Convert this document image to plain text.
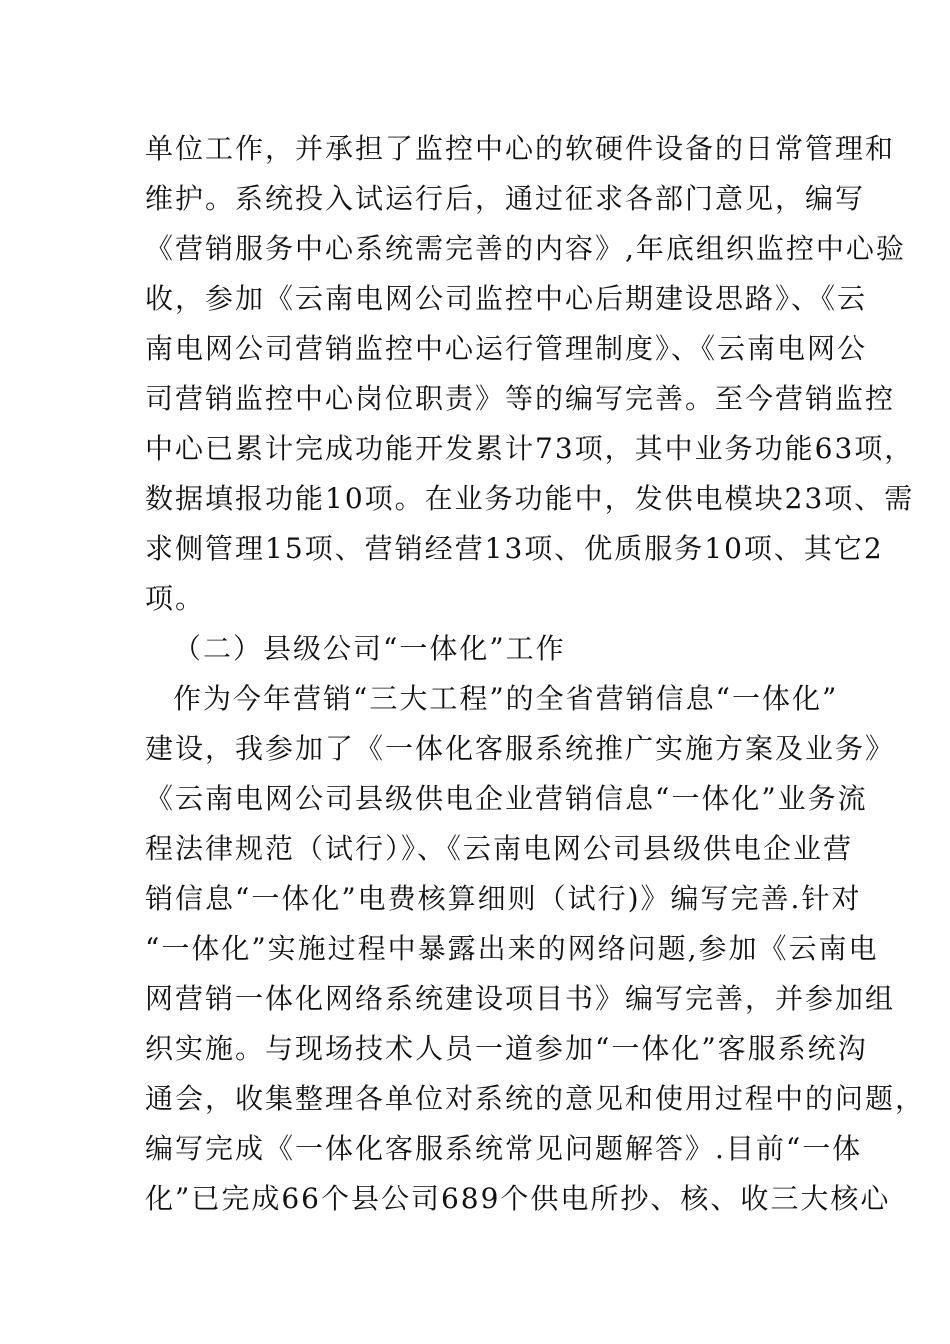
单位工作，并承担了监控中心的软硬件设备的日常管理和
维护。系统投入试运行后，通过征求各部门意见，编写
《营销服务中心系统需完善的内容》,年底组织监控中心验
收，参加《云南电网公司监控中心后期建设思路》、《云
南电网公司营销监控中心运行管理制度》、《云南电网公
司营销监控中心岗位职责》等的编写完善。至今营销监控
中心已累计完成功能开发累计73项，其中业务功能63项，
数据填报功能10项。在业务功能中，发供电模块23项、需
求侧管理15项、营销经营13项、优质服务10项、其它2
项。
（二）县级公司“一体化”工作
作为今年营销“三大工程”的全省营销信息“一体化”
建设，我参加了《一体化客服系统推广实施方案及业务》
《云南电网公司县级供电企业营销信息“一体化”业务流
程法律规范（试行）》、《云南电网公司县级供电企业营
销信息“一体化”电费核算细则（试行)》编写完善.针对
“一体化”实施过程中暴露出来的网络问题,参加《云南电
网营销一体化网络系统建设项目书》编写完善，并参加组
织实施。与现场技术人员一道参加“一体化”客服系统沟
通会，收集整理各单位对系统的意见和使用过程中的问题，
编写完成《一体化客服系统常见问题解答》.目前“一体
化”已完成66个县公司689个供电所抄、核、收三大核心
